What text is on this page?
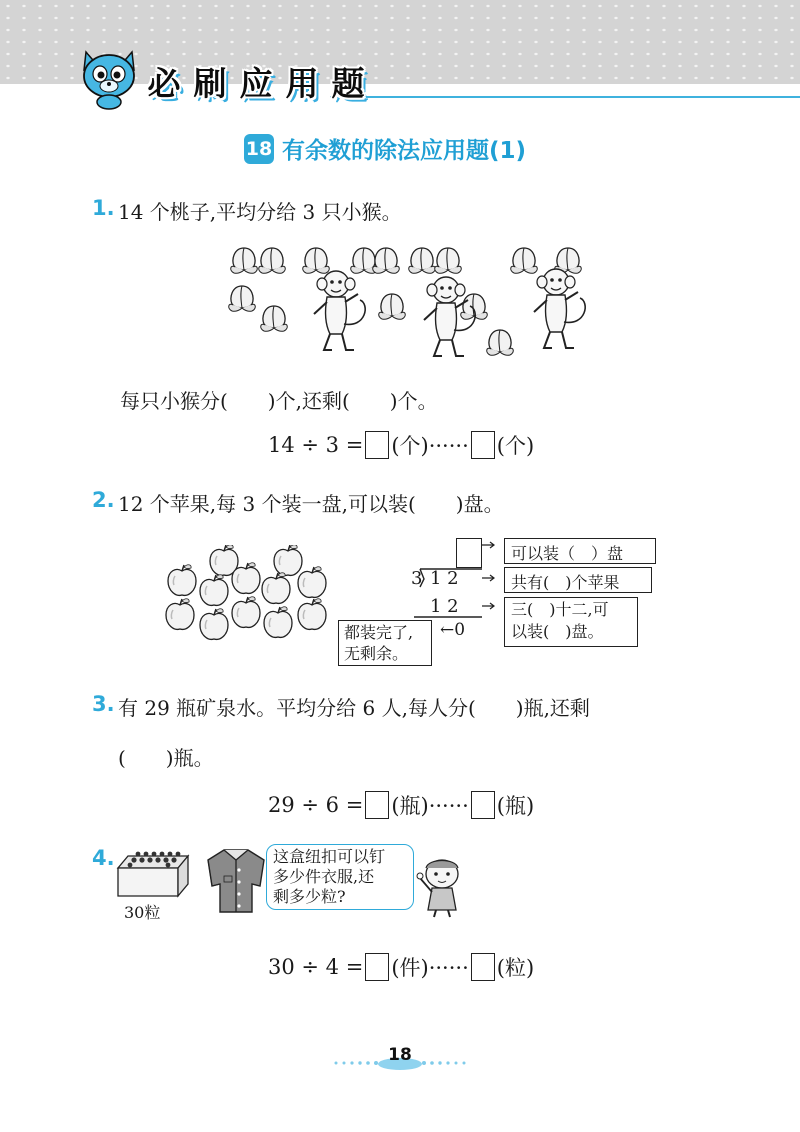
必 刷 应 用 题
18 有余数的除法应用题(1)
1. 14 个桃子,平均分给 3 只小猴。
每只小猴分(　　)个,还剩(　　)个。
14 ÷ 3 = (个)······ (个)
2. 12 个苹果,每 3 个装一盘,可以装(　　)盘。
3 1 2
1 2
←0
可以装（　）盘
共有(　)个苹果
三(　)十二,可
以装(　)盘。
都装完了,
无剩余。
3. 有 29 瓶矿泉水。平均分给 6 人,每人分(　　)瓶,还剩
(　　)瓶。
29 ÷ 6 = (瓶)······ (瓶)
4.
30粒
这盒纽扣可以钉
多少件衣服,还
剩多少粒?
30 ÷ 4 = (件)······ (粒)
18
